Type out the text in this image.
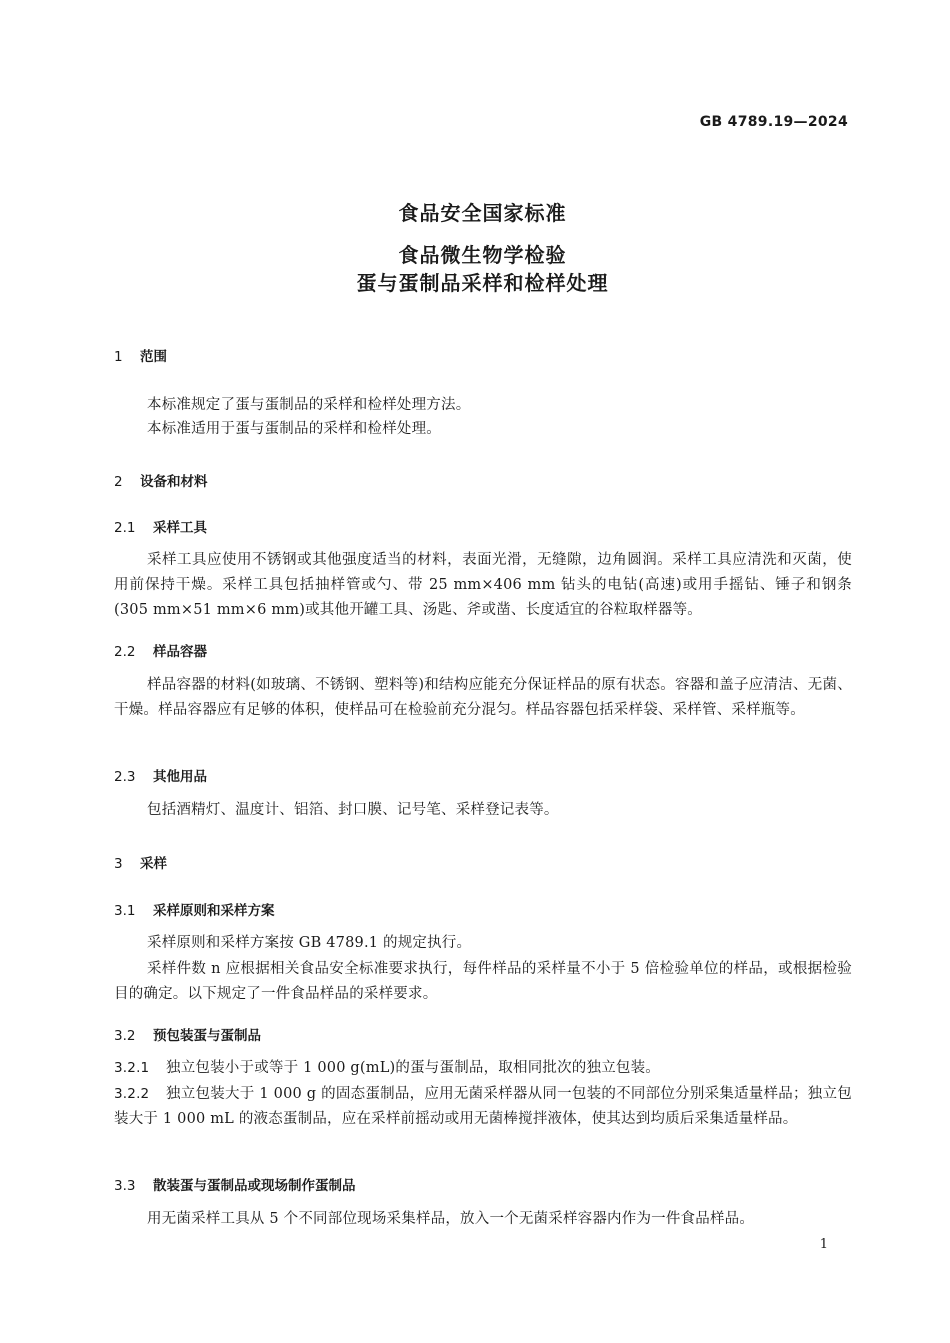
GB 4789.19—2024
食品安全国家标准
食品微生物学检验
蛋与蛋制品采样和检样处理
1 范围

本标准规定了蛋与蛋制品的采样和检样处理方法。

本标准适用于蛋与蛋制品的采样和检样处理。

2 设备和材料
2.1 采样工具

采样工具应使用不锈钢或其他强度适当的材料，表面光滑，无缝隙，边角圆润。采样工具应清洗和灭菌，使用前保持干燥。采样工具包括抽样管或勺、带 25 mm×406 mm 钻头的电钻(高速)或用手摇钻、锤子和钢条(305 mm×51 mm×6 mm)或其他开罐工具、汤匙、斧或凿、长度适宜的谷粒取样器等。

2.2 样品容器

样品容器的材料(如玻璃、不锈钢、塑料等)和结构应能充分保证样品的原有状态。容器和盖子应清洁、无菌、干燥。样品容器应有足够的体积，使样品可在检验前充分混匀。样品容器包括采样袋、采样管、采样瓶等。

2.3 其他用品

包括酒精灯、温度计、铝箔、封口膜、记号笔、采样登记表等。

3 采样
3.1 采样原则和采样方案

采样原则和采样方案按 GB 4789.1 的规定执行。

采样件数 n 应根据相关食品安全标准要求执行，每件样品的采样量不小于 5 倍检验单位的样品，或根据检验目的确定。以下规定了一件食品样品的采样要求。

3.2 预包装蛋与蛋制品

3.2.1 独立包装小于或等于 1 000 g(mL)的蛋与蛋制品，取相同批次的独立包装。

3.2.2 独立包装大于 1 000 g 的固态蛋制品，应用无菌采样器从同一包装的不同部位分别采集适量样品；独立包装大于 1 000 mL 的液态蛋制品，应在采样前摇动或用无菌棒搅拌液体，使其达到均质后采集适量样品。

3.3 散装蛋与蛋制品或现场制作蛋制品

用无菌采样工具从 5 个不同部位现场采集样品，放入一个无菌采样容器内作为一件食品样品。

1
